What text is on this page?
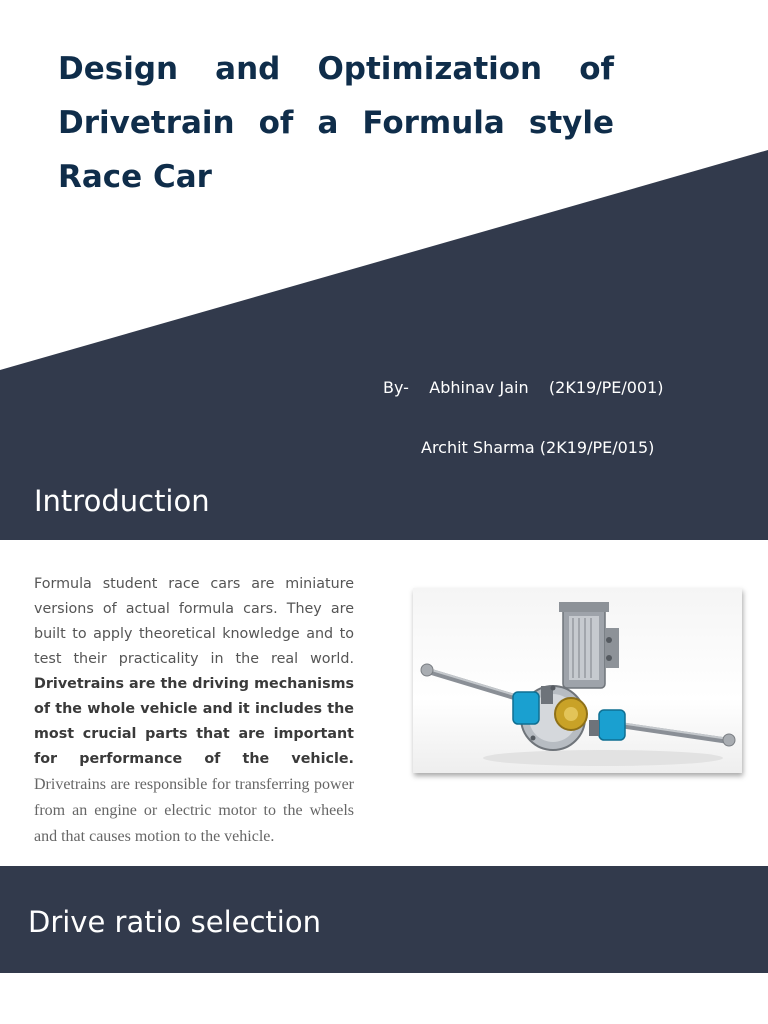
Design and Optimization of Drivetrain of a Formula style Race Car

By- Abhinav Jain    (2K19/PE/001)

Archit Sharma (2K19/PE/015)

Introduction
Formula student race cars are miniature versions of actual formula cars. They are built to apply theoretical knowledge and to test their practicality in the real world. Drivetrains are the driving mechanisms of the whole vehicle and it includes the most crucial parts that are important for performance of the vehicle. Drivetrains are responsible for transferring power from an engine or electric motor to the wheels and that causes motion to the vehicle.
Drive ratio selection
